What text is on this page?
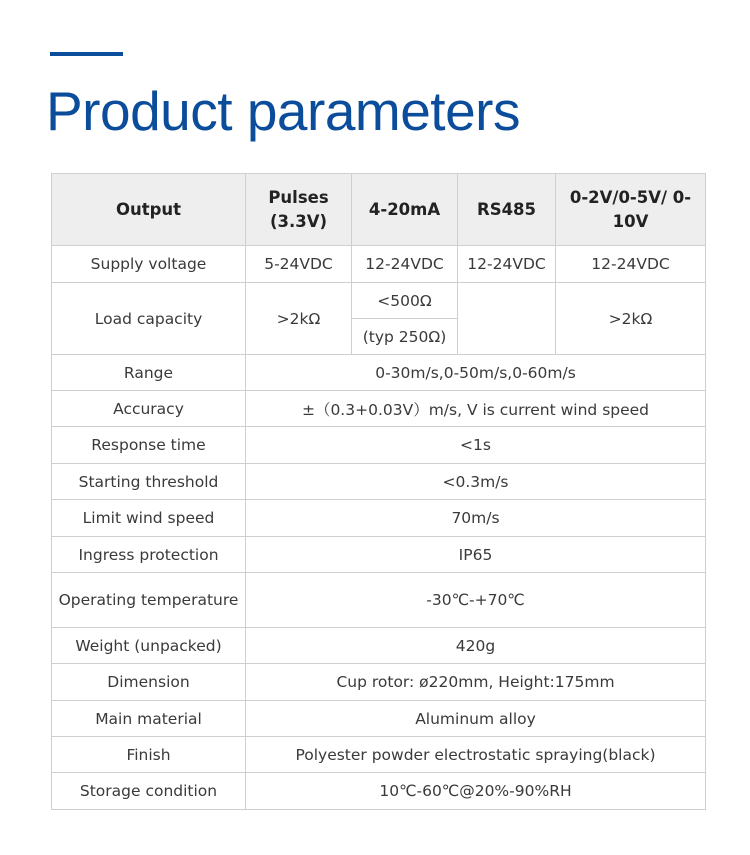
Product parameters
Output	Pulses (3.3V)	4-20mA	RS485	0-2V/0-5V/ 0-10V
Supply voltage	5-24VDC	12-24VDC	12-24VDC	12-24VDC
Load capacity	>2kΩ	<500Ω		>2kΩ
		(typ 250Ω)		
Range	0-30m/s,0-50m/s,0-60m/s			
Accuracy	±（0.3+0.03V）m/s, V is current wind speed			
Response time	<1s			
Starting threshold	<0.3m/s			
Limit wind speed	70m/s			
Ingress protection	IP65			
Operating temperature	-30℃-+70℃			
Weight (unpacked)	420g			
Dimension	Cup rotor: ø220mm, Height:175mm			
Main material	Aluminum alloy			
Finish	Polyester powder electrostatic spraying(black)			
Storage condition	10℃-60℃@20%-90%RH			
